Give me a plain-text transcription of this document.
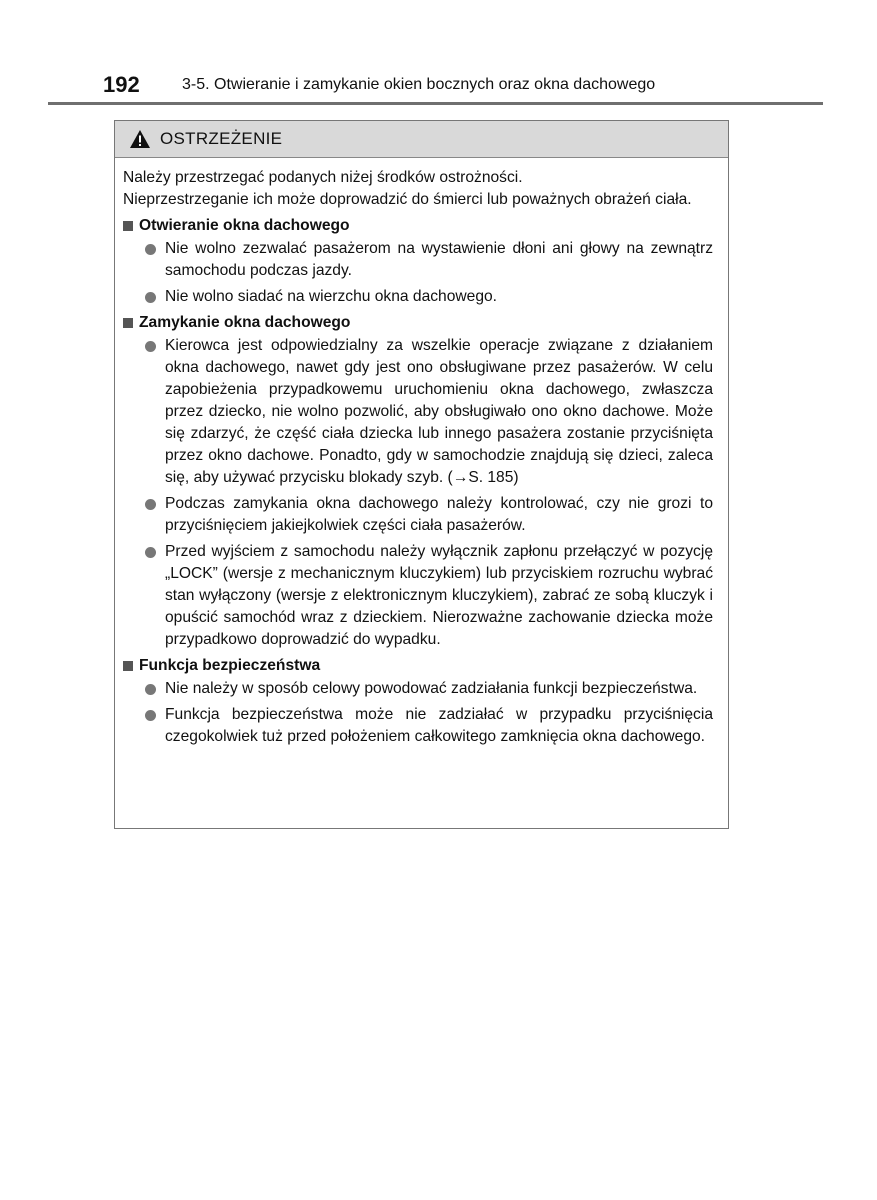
192	3-5. Otwieranie i zamykanie okien bocznych oraz okna dachowego
OSTRZEŻENIE

Należy przestrzegać podanych niżej środków ostrożności.

Nieprzestrzeganie ich może doprowadzić do śmierci lub poważnych obrażeń ciała.

Otwieranie okna dachowego
Nie wolno zezwalać pasażerom na wystawienie dłoni ani głowy na zewnątrz samochodu podczas jazdy.
Nie wolno siadać na wierzchu okna dachowego.
Zamykanie okna dachowego
Kierowca jest odpowiedzialny za wszelkie operacje związane z działaniem okna dachowego, nawet gdy jest ono obsługiwane przez pasażerów. W celu zapobieżenia przypadkowemu uruchomieniu okna dachowego, zwłaszcza przez dziecko, nie wolno pozwolić, aby obsługiwało ono okno dachowe. Może się zdarzyć, że część ciała dziecka lub innego pasażera zostanie przyciśnięta przez okno dachowe. Ponadto, gdy w samochodzie znajdują się dzieci, zaleca się, aby używać przycisku blokady szyb. (→S. 185)
Podczas zamykania okna dachowego należy kontrolować, czy nie grozi to przyciśnięciem jakiejkolwiek części ciała pasażerów.
Przed wyjściem z samochodu należy wyłącznik zapłonu przełączyć w pozycję „LOCK” (wersje z mechanicznym kluczykiem) lub przyciskiem rozruchu wybrać stan wyłączony (wersje z elektronicznym kluczykiem), zabrać ze sobą kluczyk i opuścić samochód wraz z dzieckiem. Nierozważne zachowanie dziecka może przypadkowo doprowadzić do wypadku.
Funkcja bezpieczeństwa
Nie należy w sposób celowy powodować zadziałania funkcji bezpieczeństwa.
Funkcja bezpieczeństwa może nie zadziałać w przypadku przyciśnięcia czegokolwiek tuż przed położeniem całkowitego zamknięcia okna dachowego.
